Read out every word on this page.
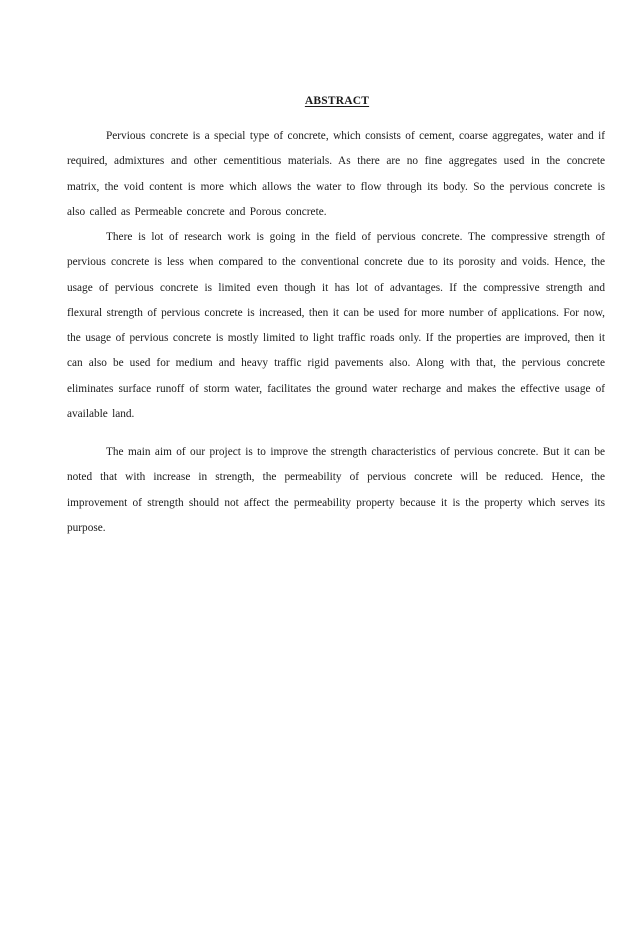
ABSTRACT

Pervious concrete is a special type of concrete, which consists of cement, coarse aggregates, water and if required, admixtures and other cementitious materials. As there are no fine aggregates used in the concrete matrix, the void content is more which allows the water to flow through its body. So the pervious concrete is also called as Permeable concrete and Porous concrete.

There is lot of research work is going in the field of pervious concrete. The compressive strength of pervious concrete is less when compared to the conventional concrete due to its porosity and voids. Hence, the usage of pervious concrete is limited even though it has lot of advantages. If the compressive strength and flexural strength of pervious concrete is increased, then it can be used for more number of applications. For now, the usage of pervious concrete is mostly limited to light traffic roads only. If the properties are improved, then it can also be used for medium and heavy traffic rigid pavements also. Along with that, the pervious concrete eliminates surface runoff of storm water, facilitates the ground water recharge and makes the effective usage of available land.

The main aim of our project is to improve the strength characteristics of pervious concrete. But it can be noted that with increase in strength, the permeability of pervious concrete will be reduced. Hence, the improvement of strength should not affect the permeability property because it is the property which serves its purpose.
